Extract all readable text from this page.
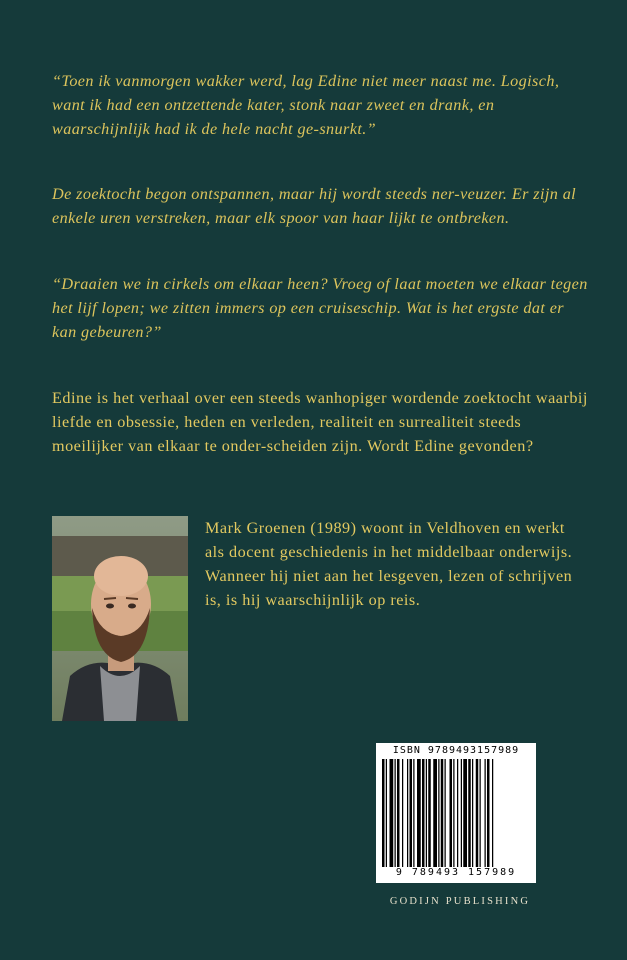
“Toen ik vanmorgen wakker werd, lag Edine niet meer naast me. Logisch, want ik had een ontzettende kater, stonk naar zweet en drank, en waarschijnlijk had ik de hele nacht ge-snurkt.”

De zoektocht begon ontspannen, maar hij wordt steeds ner-veuzer. Er zijn al enkele uren verstreken, maar elk spoor van haar lijkt te ontbreken.

“Draaien we in cirkels om elkaar heen? Vroeg of laat moeten we elkaar tegen het lijf lopen; we zitten immers op een cruiseschip. Wat is het ergste dat er kan gebeuren?”

Edine is het verhaal over een steeds wanhopiger wordende zoektocht waarbij liefde en obsessie, heden en verleden, realiteit en surrealiteit steeds moeilijker van elkaar te onder-scheiden zijn. Wordt Edine gevonden?

Mark Groenen (1989) woont in Veldhoven en werkt als docent geschiedenis in het middelbaar onderwijs. Wanneer hij niet aan het lesgeven, lezen of schrijven is, is hij waarschijnlijk op reis.

ISBN 9789493157989
9 789493 157989
GODIJN PUBLISHING
